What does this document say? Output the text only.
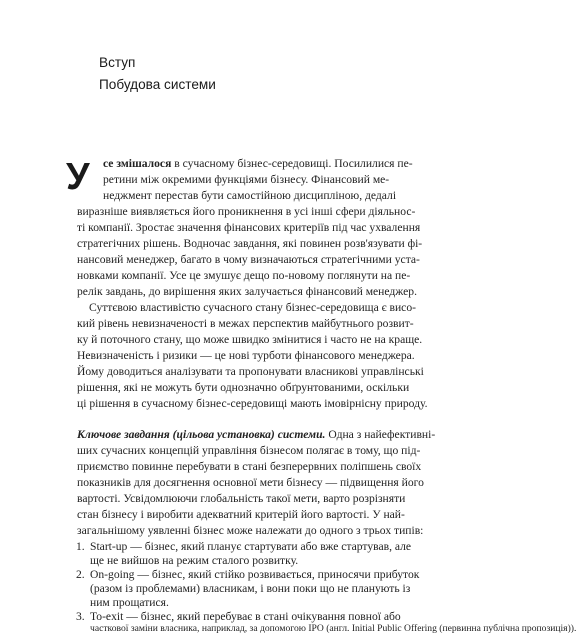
Вступ
Побудова системи
У се змішалося в сучасному бізнес-середовищі. Посилилися пе-
ретини між окремими функціями бізнесу. Фінансовий ме-
неджмент перестав бути самостійною дисципліною, дедалі
виразніше виявляється його проникнення в усі інші сфери діяльнос-
ті компанії. Зростає значення фінансових критеріїв під час ухвалення
стратегічних рішень. Водночас завдання, які повинен розв'язувати фі-
нансовий менеджер, багато в чому визначаються стратегічними уста-
новками компанії. Усе це змушує дещо по-новому поглянути на пе-
релік завдань, до вирішення яких залучається фінансовий менеджер.
Суттєвою властивістю сучасного стану бізнес-середовища є висо-
кий рівень невизначеності в межах перспектив майбутнього розвит-
ку й поточного стану, що може швидко змінитися і часто не на краще.
Невизначеність і ризики — це нові турботи фінансового менеджера.
Йому доводиться аналізувати та пропонувати власникові управлінські
рішення, які не можуть бути однозначно обґрунтованими, оскільки
ці рішення в сучасному бізнес-середовищі мають імовірнісну природу.
Ключове завдання (цільова установка) системи. Одна з найефективні-
ших сучасних концепцій управління бізнесом полягає в тому, що під-
приємство повинне перебувати в стані безперервних поліпшень своїх
показників для досягнення основної мети бізнесу — підвищення його
вартості. Усвідомлюючи глобальність такої мети, варто розрізняти
стан бізнесу і виробити адекватний критерій його вартості. У най-
загальнішому уявленні бізнес може належати до одного з трьох типів:
1. Start-up — бізнес, який планує стартувати або вже стартував, але
ще не вийшов на режим сталого розвитку.
2. On-going — бізнес, який стійко розвивається, приносячи прибуток
(разом із проблемами) власникам, і вони поки що не планують із
ним прощатися.
3. To-exit — бізнес, який перебуває в стані очікування повної або
часткової заміни власника, наприклад, за допомогою IPO (англ. Initial Public Offering (первинна публічна пропозиція)).
